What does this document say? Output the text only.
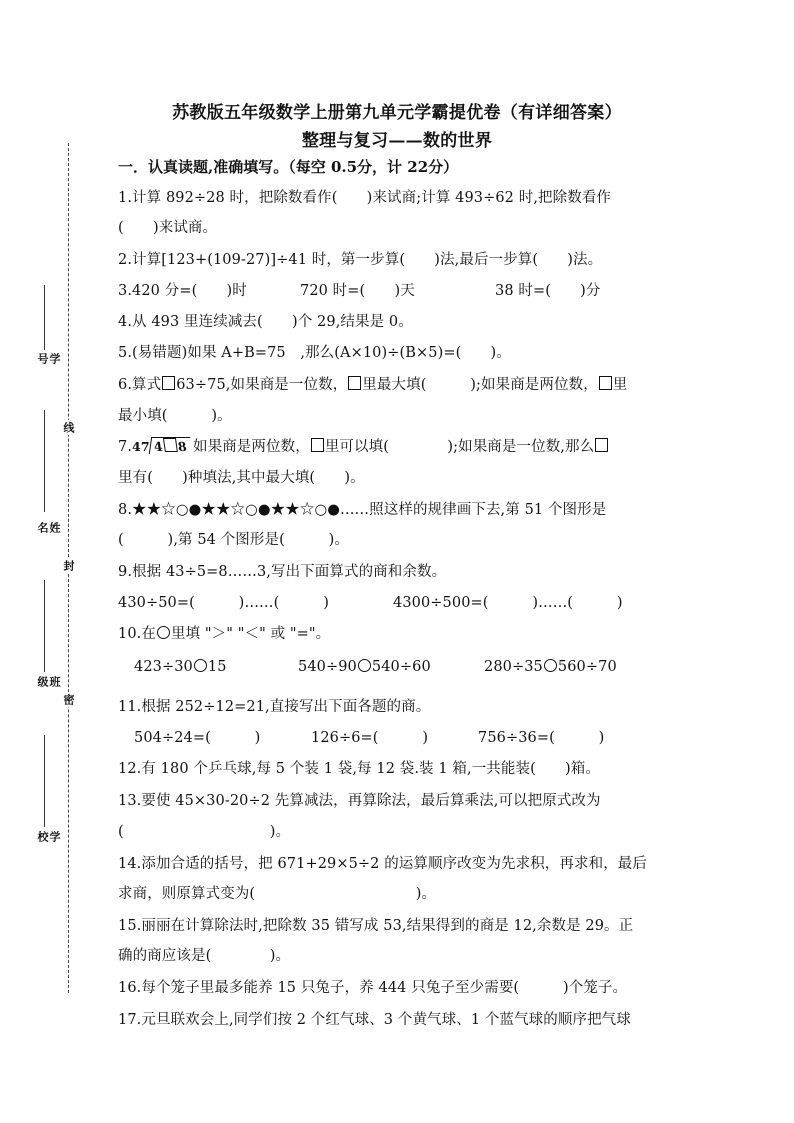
线
封
密
学号
姓名
班级
学校
苏教版五年级数学上册第九单元学霸提优卷（有详细答案）
整理与复习——数的世界
一．认真读题,准确填写。（每空 0.5分，计 22分）
1.计算 892÷28 时，把除数看作(　　)来试商;计算 493÷62 时,把除数看作
(　　)来试商。
2.计算[123+(109-27)]÷41 时，第一步算(　　)法,最后一步算(　　)法。
3.420 分=(　　)时	720 时=(　　)天	38 时=(　　)分
4.从 493 里连续减去(　　)个 29,结果是 0。
5.(易错题)如果 A+B=75　,那么(A×10)÷(B×5)=(　　)。
6.算式 63÷75,如果商是一位数， 里最大填(　　　);如果商是两位数， 里
最小填(　　　)。
7.47 4 8 如果商是两位数， 里可以填(　　　　);如果商是一位数,那么
里有(　　)种填法,其中最大填(　　)。
8.★★☆○●★★☆○●★★☆○●……照这样的规律画下去,第 51 个图形是
(　　　),第 54 个图形是(　　　)。
9.根据 43÷5=8……3,写出下面算式的商和余数。
430÷50=(　　　)……(　　　)	4300÷500=(　　　)……(　　　)
10.在 里填 "＞" "＜" 或 "="。
423÷30 15	540÷90 540÷60	280÷35 560÷70
11.根据 252÷12=21,直接写出下面各题的商。
504÷24=(　　　)	126÷6=(　　　)	756÷36=(　　　)
12.有 180 个乒乓球,每 5 个装 1 袋,每 12 袋.装 1 箱,一共能装(　　)箱。
13.要使 45×30-20÷2 先算减法，再算除法，最后算乘法,可以把原式改为
(　　　　　　　　　　)。
14.添加合适的括号，把 671+29×5÷2 的运算顺序改变为先求积，再求和，最后
求商，则原算式变为(　　　　　　　　　　　)。
15.丽丽在计算除法时,把除数 35 错写成 53,结果得到的商是 12,余数是 29。正
确的商应该是(　　　　)。
16.每个笼子里最多能养 15 只兔子，养 444 只兔子至少需要(　　　)个笼子。
17.元旦联欢会上,同学们按 2 个红气球、3 个黄气球、1 个蓝气球的顺序把气球
